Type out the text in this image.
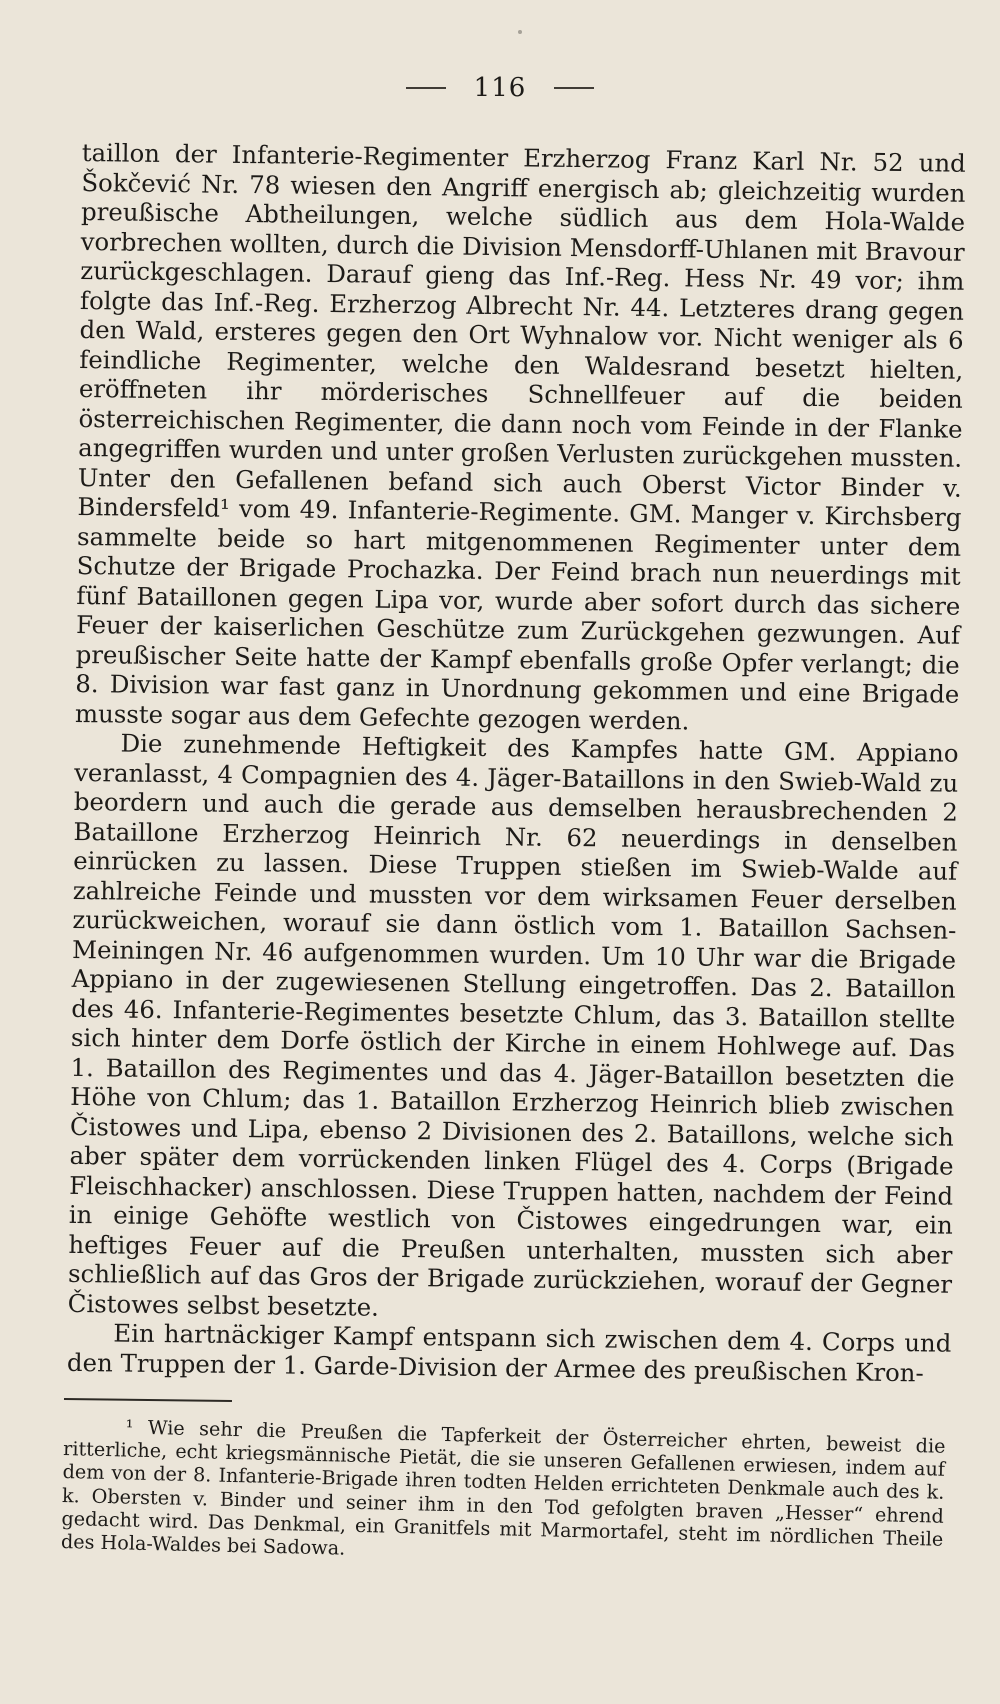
116

taillon der Infanterie-Regimenter Erzherzog Franz Karl Nr. 52 und Šokčević Nr. 78 wiesen den Angriff energisch ab; gleichzeitig wurden preußische Abtheilungen, welche südlich aus dem Hola-Walde vorbrechen wollten, durch die Division Mensdorff-Uhlanen mit Bravour zurückgeschlagen. Darauf gieng das Inf.-Reg. Hess Nr. 49 vor; ihm folgte das Inf.-Reg. Erzherzog Albrecht Nr. 44. Letzteres drang gegen den Wald, ersteres gegen den Ort Wyhnalow vor. Nicht weniger als 6 feindliche Regimenter, welche den Waldesrand besetzt hielten, eröffneten ihr mörderisches Schnellfeuer auf die beiden österreichischen Regimenter, die dann noch vom Feinde in der Flanke angegriffen wurden und unter großen Verlusten zurückgehen mussten. Unter den Gefallenen befand sich auch Oberst Victor Binder v. Bindersfeld¹ vom 49. Infanterie-Regimente. GM. Manger v. Kirchsberg sammelte beide so hart mitgenommenen Regimenter unter dem Schutze der Brigade Prochazka. Der Feind brach nun neuerdings mit fünf Bataillonen gegen Lipa vor, wurde aber sofort durch das sichere Feuer der kaiserlichen Geschütze zum Zurückgehen gezwungen. Auf preußischer Seite hatte der Kampf ebenfalls große Opfer verlangt; die 8. Division war fast ganz in Unordnung gekommen und eine Brigade musste sogar aus dem Gefechte gezogen werden.

Die zunehmende Heftigkeit des Kampfes hatte GM. Appiano veranlasst, 4 Compagnien des 4. Jäger-Bataillons in den Swieb-Wald zu beordern und auch die gerade aus demselben herausbrechenden 2 Bataillone Erzherzog Heinrich Nr. 62 neuerdings in denselben einrücken zu lassen. Diese Truppen stießen im Swieb-Walde auf zahlreiche Feinde und mussten vor dem wirksamen Feuer derselben zurückweichen, worauf sie dann östlich vom 1. Bataillon Sachsen-Meiningen Nr. 46 aufgenommen wurden. Um 10 Uhr war die Brigade Appiano in der zugewiesenen Stellung eingetroffen. Das 2. Bataillon des 46. Infanterie-Regimentes besetzte Chlum, das 3. Bataillon stellte sich hinter dem Dorfe östlich der Kirche in einem Hohlwege auf. Das 1. Bataillon des Regimentes und das 4. Jäger-Bataillon besetzten die Höhe von Chlum; das 1. Bataillon Erzherzog Heinrich blieb zwischen Čistowes und Lipa, ebenso 2 Divisionen des 2. Bataillons, welche sich aber später dem vorrückenden linken Flügel des 4. Corps (Brigade Fleischhacker) anschlossen. Diese Truppen hatten, nachdem der Feind in einige Gehöfte westlich von Čistowes eingedrungen war, ein heftiges Feuer auf die Preußen unterhalten, mussten sich aber schließlich auf das Gros der Brigade zurückziehen, worauf der Gegner Čistowes selbst besetzte.

Ein hartnäckiger Kampf entspann sich zwischen dem 4. Corps und den Truppen der 1. Garde-Division der Armee des preußischen Kron-

¹ Wie sehr die Preußen die Tapferkeit der Österreicher ehrten, beweist die ritterliche, echt kriegsmännische Pietät, die sie unseren Gefallenen erwiesen, indem auf dem von der 8. Infanterie-Brigade ihren todten Helden errichteten Denkmale auch des k. k. Obersten v. Binder und seiner ihm in den Tod gefolgten braven „Hesser“ ehrend gedacht wird. Das Denkmal, ein Granitfels mit Marmortafel, steht im nördlichen Theile des Hola-Waldes bei Sadowa.
